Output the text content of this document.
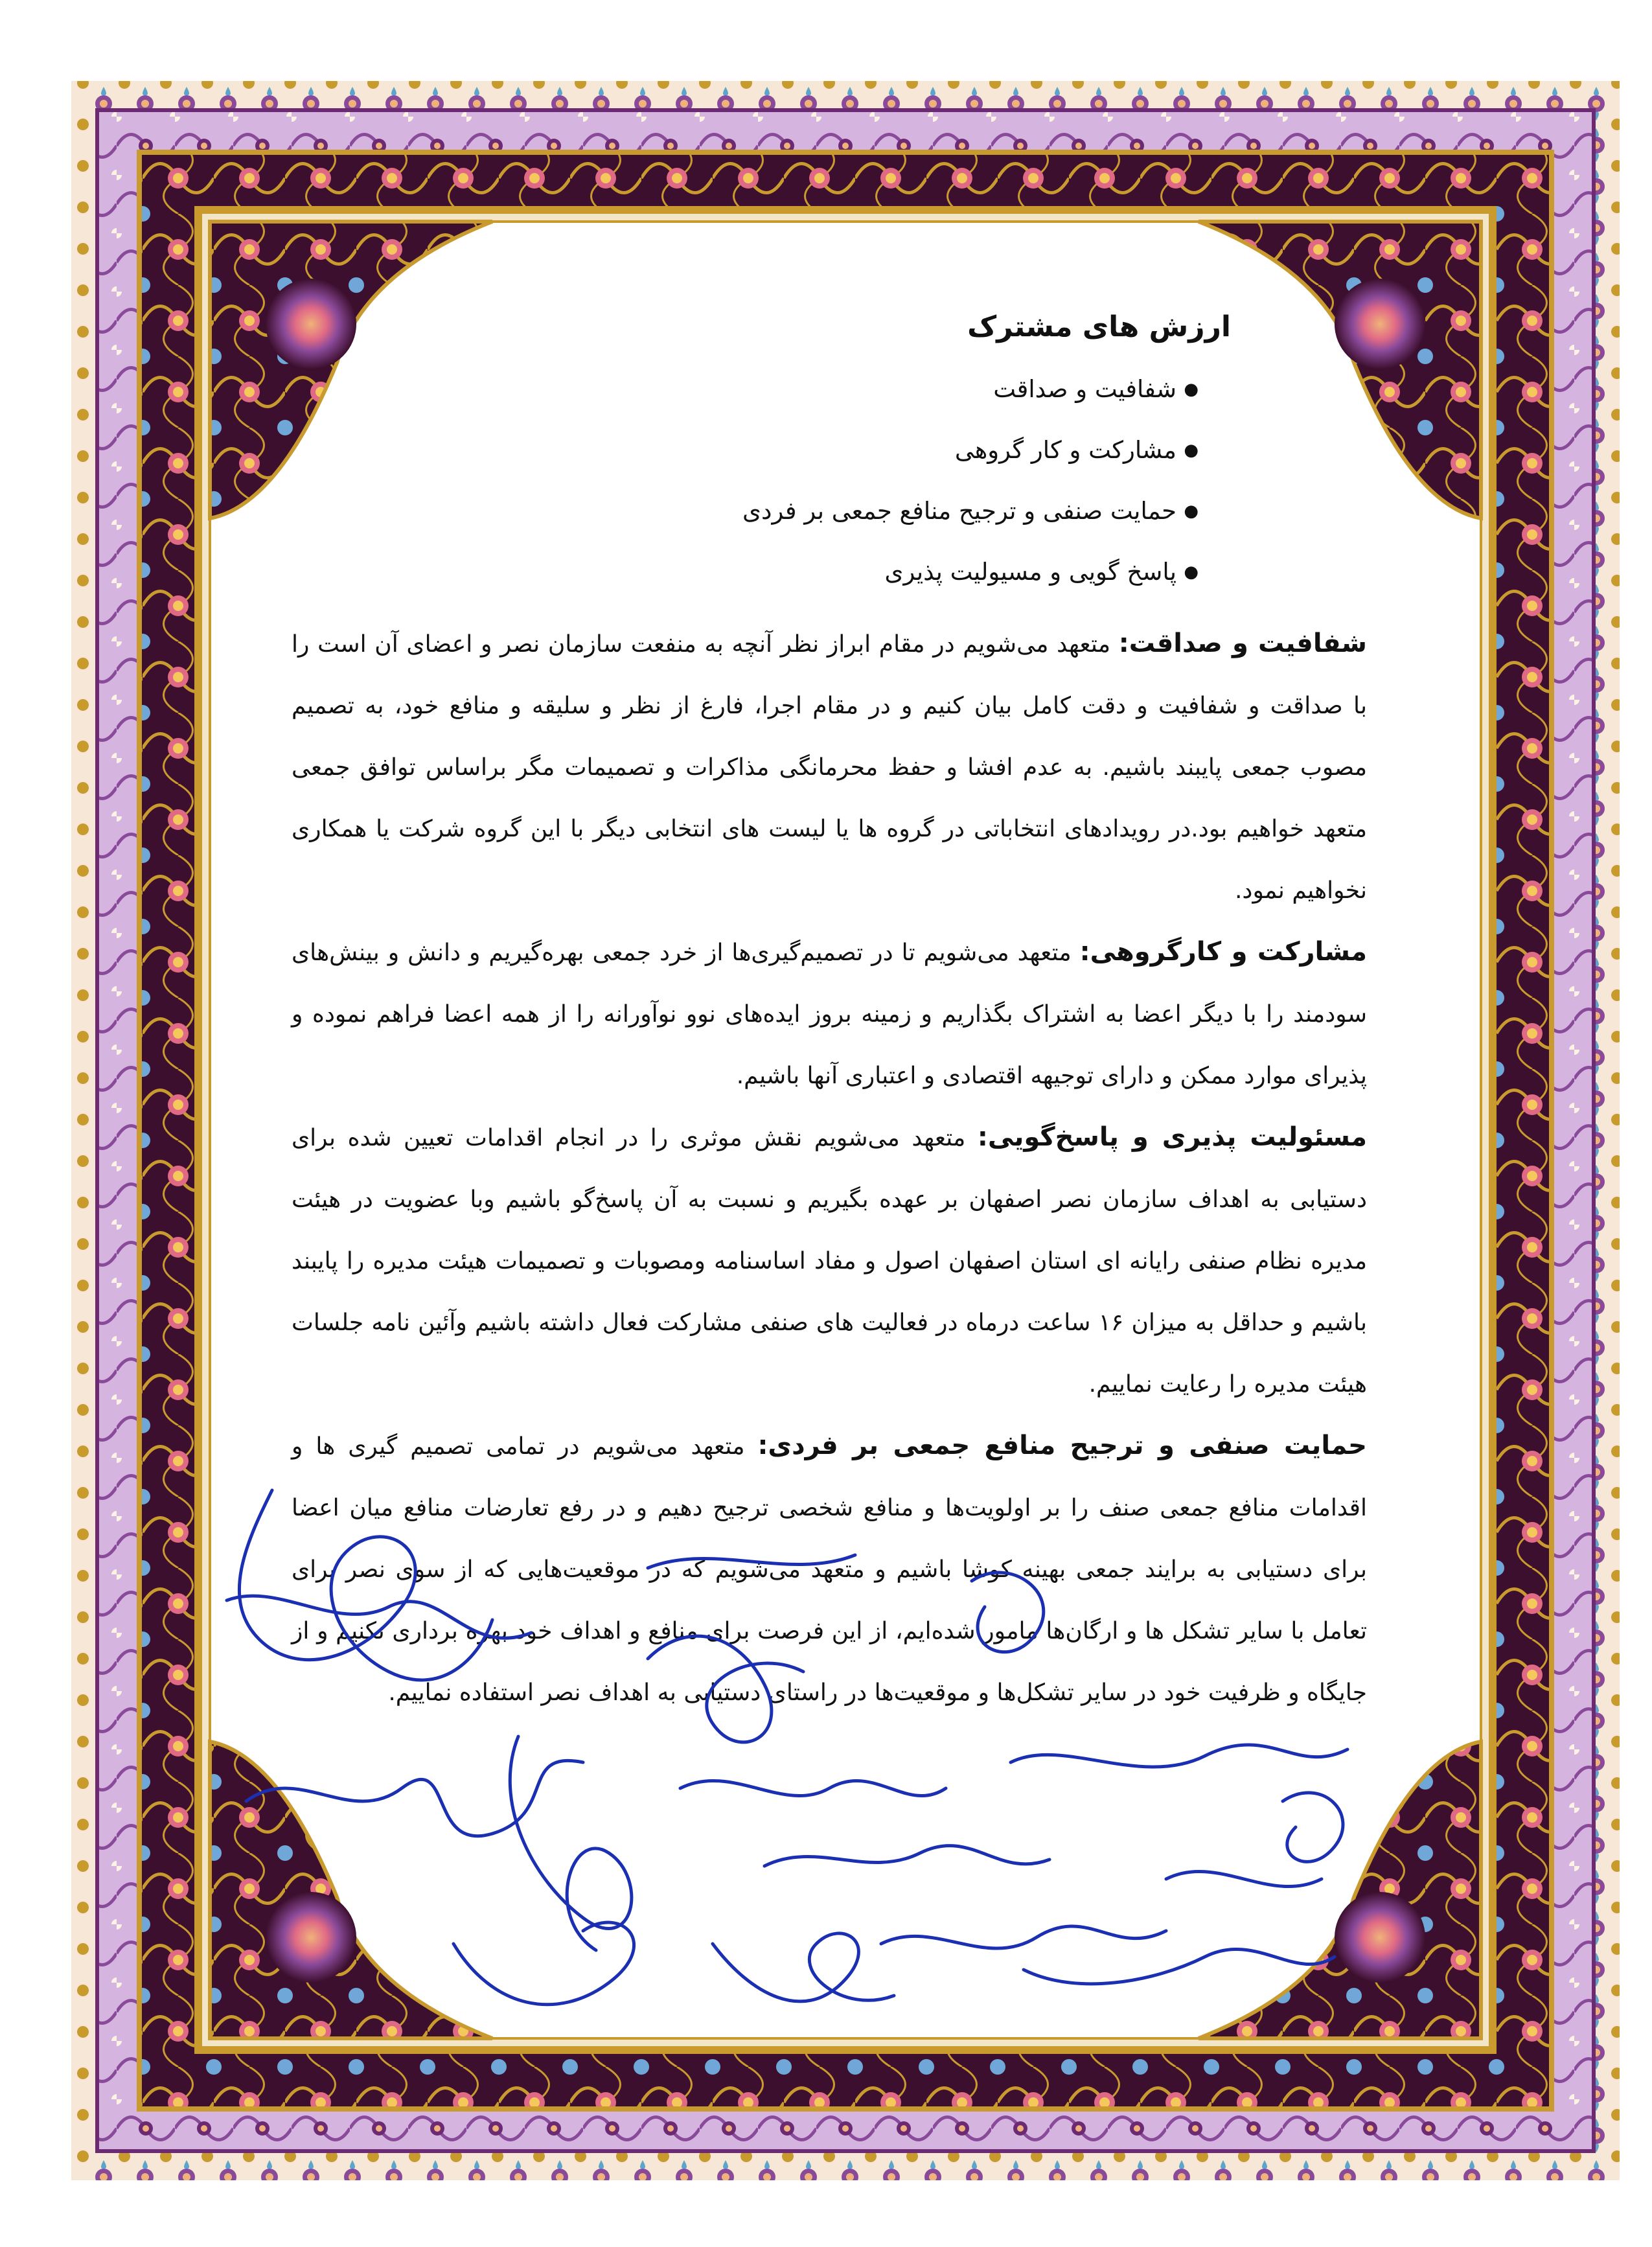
ارزش های مشترک
● شفافیت و صداقت
● مشارکت و کار گروهی
● حمایت صنفی و ترجیح منافع جمعی بر فردی
● پاسخ گویی و مسیولیت پذیری

شفافیت و صداقت: متعهد می‌شویم در مقام ابراز نظر آنچه به منفعت سازمان نصر و اعضای آن است را با صداقت و شفافیت و دقت کامل بیان کنیم و در مقام اجرا، فارغ از نظر و سلیقه و منافع خود، به تصمیم مصوب جمعی پایبند باشیم. به عدم افشا و حفظ محرمانگی مذاکرات و تصمیمات مگر براساس توافق جمعی متعهد خواهیم بود.در رویدادهای انتخاباتی در گروه ها یا لیست های انتخابی دیگر با این گروه شرکت یا همکاری نخواهیم نمود.

مشارکت و کارگروهی: متعهد می‌شویم تا در تصمیم‌گیری‌ها از خرد جمعی بهره‌گیریم و دانش و بینش‌های سودمند را با دیگر اعضا به اشتراک بگذاریم و زمینه بروز ایده‌های نوو نوآورانه را از همه اعضا فراهم نموده و پذیرای موارد ممکن و دارای توجیهه اقتصادی و اعتباری آنها باشیم.

مسئولیت پذیری و پاسخ‌گویی: متعهد می‌شویم نقش موثری را در انجام اقدامات تعیین شده برای دستیابی به اهداف سازمان نصر اصفهان بر عهده بگیریم و نسبت به آن پاسخ‌گو باشیم وبا عضویت در هیئت مدیره نظام صنفی رایانه ای استان اصفهان اصول و مفاد اساسنامه ومصوبات و تصمیمات هیئت مدیره را پایبند باشیم و حداقل به میزان ۱۶ ساعت درماه در فعالیت های صنفی مشارکت فعال داشته باشیم وآئین نامه جلسات هیئت مدیره را رعایت نماییم.

حمایت صنفی و ترجیح منافع جمعی بر فردی: متعهد می‌شویم در تمامی تصمیم گیری ها و اقدامات منافع جمعی صنف را بر اولویت‌ها و منافع شخصی ترجیح دهیم و در رفع تعارضات منافع میان اعضا برای دستیابی به برایند جمعی بهینه کوشا باشیم و متعهد می‌شویم که در موقعیت‌هایی که از سوی نصر برای تعامل با سایر تشکل ها و ارگان‌ها مامور شده‌ایم، از این فرصت برای منافع و اهداف خود بهره برداری نکنیم و از جایگاه و ظرفیت خود در سایر تشکل‌ها و موقعیت‌ها در راستای دستیابی به اهداف نصر استفاده نماییم.
